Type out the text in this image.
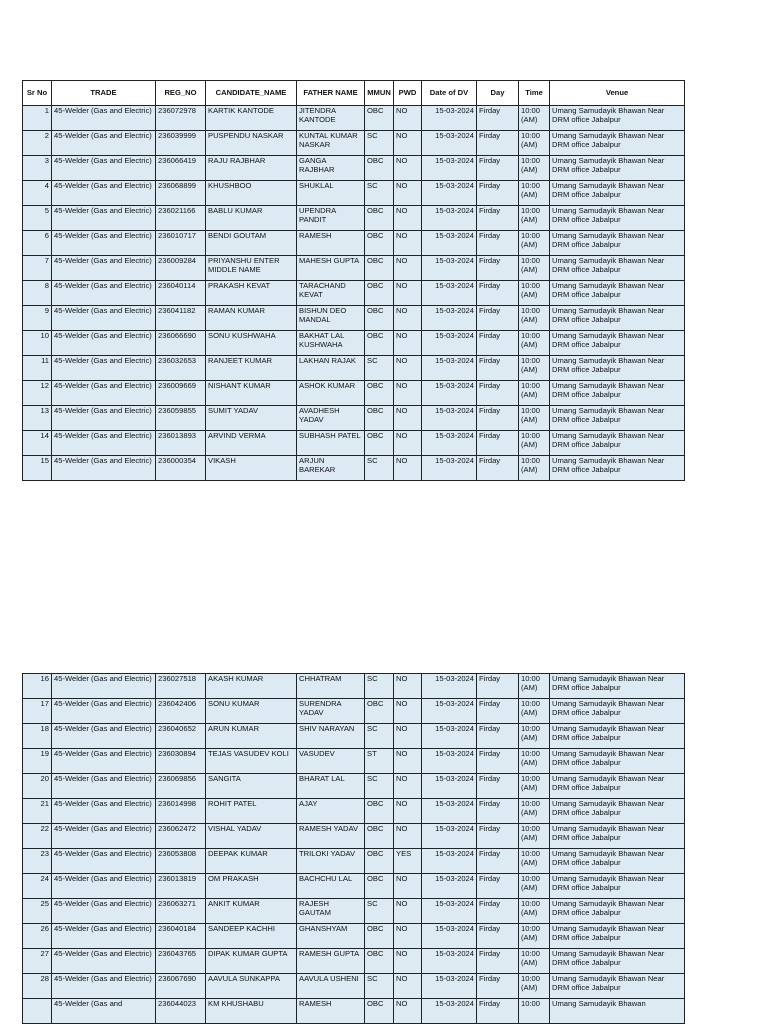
Sr No	TRADE	REG_NO	CANDIDATE_NAME	FATHER NAME	MMUN	PWD	Date of DV	Day	Time	Venue
1	45-Welder (Gas and Electric)	236072978	KARTIK KANTODE	JITENDRA KANTODE	OBC	NO	15-03-2024	Firday	10:00 (AM)	Umang Samudayik Bhawan Near DRM office Jabalpur
2	45-Welder (Gas and Electric)	236039999	PUSPENDU NASKAR	KUNTAL KUMAR NASKAR	SC	NO	15-03-2024	Firday	10:00 (AM)	Umang Samudayik Bhawan Near DRM office Jabalpur
3	45-Welder (Gas and Electric)	236066419	RAJU RAJBHAR	GANGA RAJBHAR	OBC	NO	15-03-2024	Firday	10:00 (AM)	Umang Samudayik Bhawan Near DRM office Jabalpur
4	45-Welder (Gas and Electric)	236068899	KHUSHBOO	SHUKLAL	SC	NO	15-03-2024	Firday	10:00 (AM)	Umang Samudayik Bhawan Near DRM office Jabalpur
5	45-Welder (Gas and Electric)	236021166	BABLU KUMAR	UPENDRA PANDIT	OBC	NO	15-03-2024	Firday	10:00 (AM)	Umang Samudayik Bhawan Near DRM office Jabalpur
6	45-Welder (Gas and Electric)	236010717	BENDI GOUTAM	RAMESH	OBC	NO	15-03-2024	Firday	10:00 (AM)	Umang Samudayik Bhawan Near DRM office Jabalpur
7	45-Welder (Gas and Electric)	236009284	PRIYANSHU ENTER MIDDLE NAME	MAHESH GUPTA	OBC	NO	15-03-2024	Firday	10:00 (AM)	Umang Samudayik Bhawan Near DRM office Jabalpur
8	45-Welder (Gas and Electric)	236040114	PRAKASH KEVAT	TARACHAND KEVAT	OBC	NO	15-03-2024	Firday	10:00 (AM)	Umang Samudayik Bhawan Near DRM office Jabalpur
9	45-Welder (Gas and Electric)	236041182	RAMAN KUMAR	BISHUN DEO MANDAL	OBC	NO	15-03-2024	Firday	10:00 (AM)	Umang Samudayik Bhawan Near DRM office Jabalpur
10	45-Welder (Gas and Electric)	236066690	SONU KUSHWAHA	BAKHAT LAL KUSHWAHA	OBC	NO	15-03-2024	Firday	10:00 (AM)	Umang Samudayik Bhawan Near DRM office Jabalpur
11	45-Welder (Gas and Electric)	236032653	RANJEET KUMAR	LAKHAN RAJAK	SC	NO	15-03-2024	Firday	10:00 (AM)	Umang Samudayik Bhawan Near DRM office Jabalpur
12	45-Welder (Gas and Electric)	236009669	NISHANT KUMAR	ASHOK KUMAR	OBC	NO	15-03-2024	Firday	10:00 (AM)	Umang Samudayik Bhawan Near DRM office Jabalpur
13	45-Welder (Gas and Electric)	236059855	SUMIT YADAV	AVADHESH YADAV	OBC	NO	15-03-2024	Firday	10:00 (AM)	Umang Samudayik Bhawan Near DRM office Jabalpur
14	45-Welder (Gas and Electric)	236013893	ARVIND VERMA	SUBHASH PATEL	OBC	NO	15-03-2024	Firday	10:00 (AM)	Umang Samudayik Bhawan Near DRM office Jabalpur
15	45-Welder (Gas and Electric)	236000354	VIKASH	ARJUN BAREKAR	SC	NO	15-03-2024	Firday	10:00 (AM)	Umang Samudayik Bhawan Near DRM office Jabalpur
16	45-Welder (Gas and Electric)	236027518	AKASH KUMAR	CHHATRAM	SC	NO	15-03-2024	Firday	10:00 (AM)	Umang Samudayik Bhawan Near DRM office Jabalpur
17	45-Welder (Gas and Electric)	236042406	SONU KUMAR	SURENDRA YADAV	OBC	NO	15-03-2024	Firday	10:00 (AM)	Umang Samudayik Bhawan Near DRM office Jabalpur
18	45-Welder (Gas and Electric)	236040652	ARUN KUMAR	SHIV NARAYAN	SC	NO	15-03-2024	Firday	10:00 (AM)	Umang Samudayik Bhawan Near DRM office Jabalpur
19	45-Welder (Gas and Electric)	236030894	TEJAS VASUDEV KOLI	VASUDEV	ST	NO	15-03-2024	Firday	10:00 (AM)	Umang Samudayik Bhawan Near DRM office Jabalpur
20	45-Welder (Gas and Electric)	236069856	SANGITA	BHARAT LAL	SC	NO	15-03-2024	Firday	10:00 (AM)	Umang Samudayik Bhawan Near DRM office Jabalpur
21	45-Welder (Gas and Electric)	236014998	ROHIT PATEL	AJAY	OBC	NO	15-03-2024	Firday	10:00 (AM)	Umang Samudayik Bhawan Near DRM office Jabalpur
22	45-Welder (Gas and Electric)	236062472	VISHAL YADAV	RAMESH YADAV	OBC	NO	15-03-2024	Firday	10:00 (AM)	Umang Samudayik Bhawan Near DRM office Jabalpur
23	45-Welder (Gas and Electric)	236053808	DEEPAK KUMAR	TRILOKI YADAV	OBC	YES	15-03-2024	Firday	10:00 (AM)	Umang Samudayik Bhawan Near DRM office Jabalpur
24	45-Welder (Gas and Electric)	236013819	OM PRAKASH	BACHCHU LAL	OBC	NO	15-03-2024	Firday	10:00 (AM)	Umang Samudayik Bhawan Near DRM office Jabalpur
25	45-Welder (Gas and Electric)	236063271	ANKIT KUMAR	RAJESH GAUTAM	SC	NO	15-03-2024	Firday	10:00 (AM)	Umang Samudayik Bhawan Near DRM office Jabalpur
26	45-Welder (Gas and Electric)	236040184	SANDEEP KACHHI	GHANSHYAM	OBC	NO	15-03-2024	Firday	10:00 (AM)	Umang Samudayik Bhawan Near DRM office Jabalpur
27	45-Welder (Gas and Electric)	236043765	DIPAK KUMAR GUPTA	RAMESH GUPTA	OBC	NO	15-03-2024	Firday	10:00 (AM)	Umang Samudayik Bhawan Near DRM office Jabalpur
28	45-Welder (Gas and Electric)	236067690	AAVULA SUNKAPPA	AAVULA USHENI	SC	NO	15-03-2024	Firday	10:00 (AM)	Umang Samudayik Bhawan Near DRM office Jabalpur
	45-Welder (Gas and	236044023	KM KHUSHABU	RAMESH	OBC	NO	15-03-2024	Firday	10:00	Umang Samudayik Bhawan
